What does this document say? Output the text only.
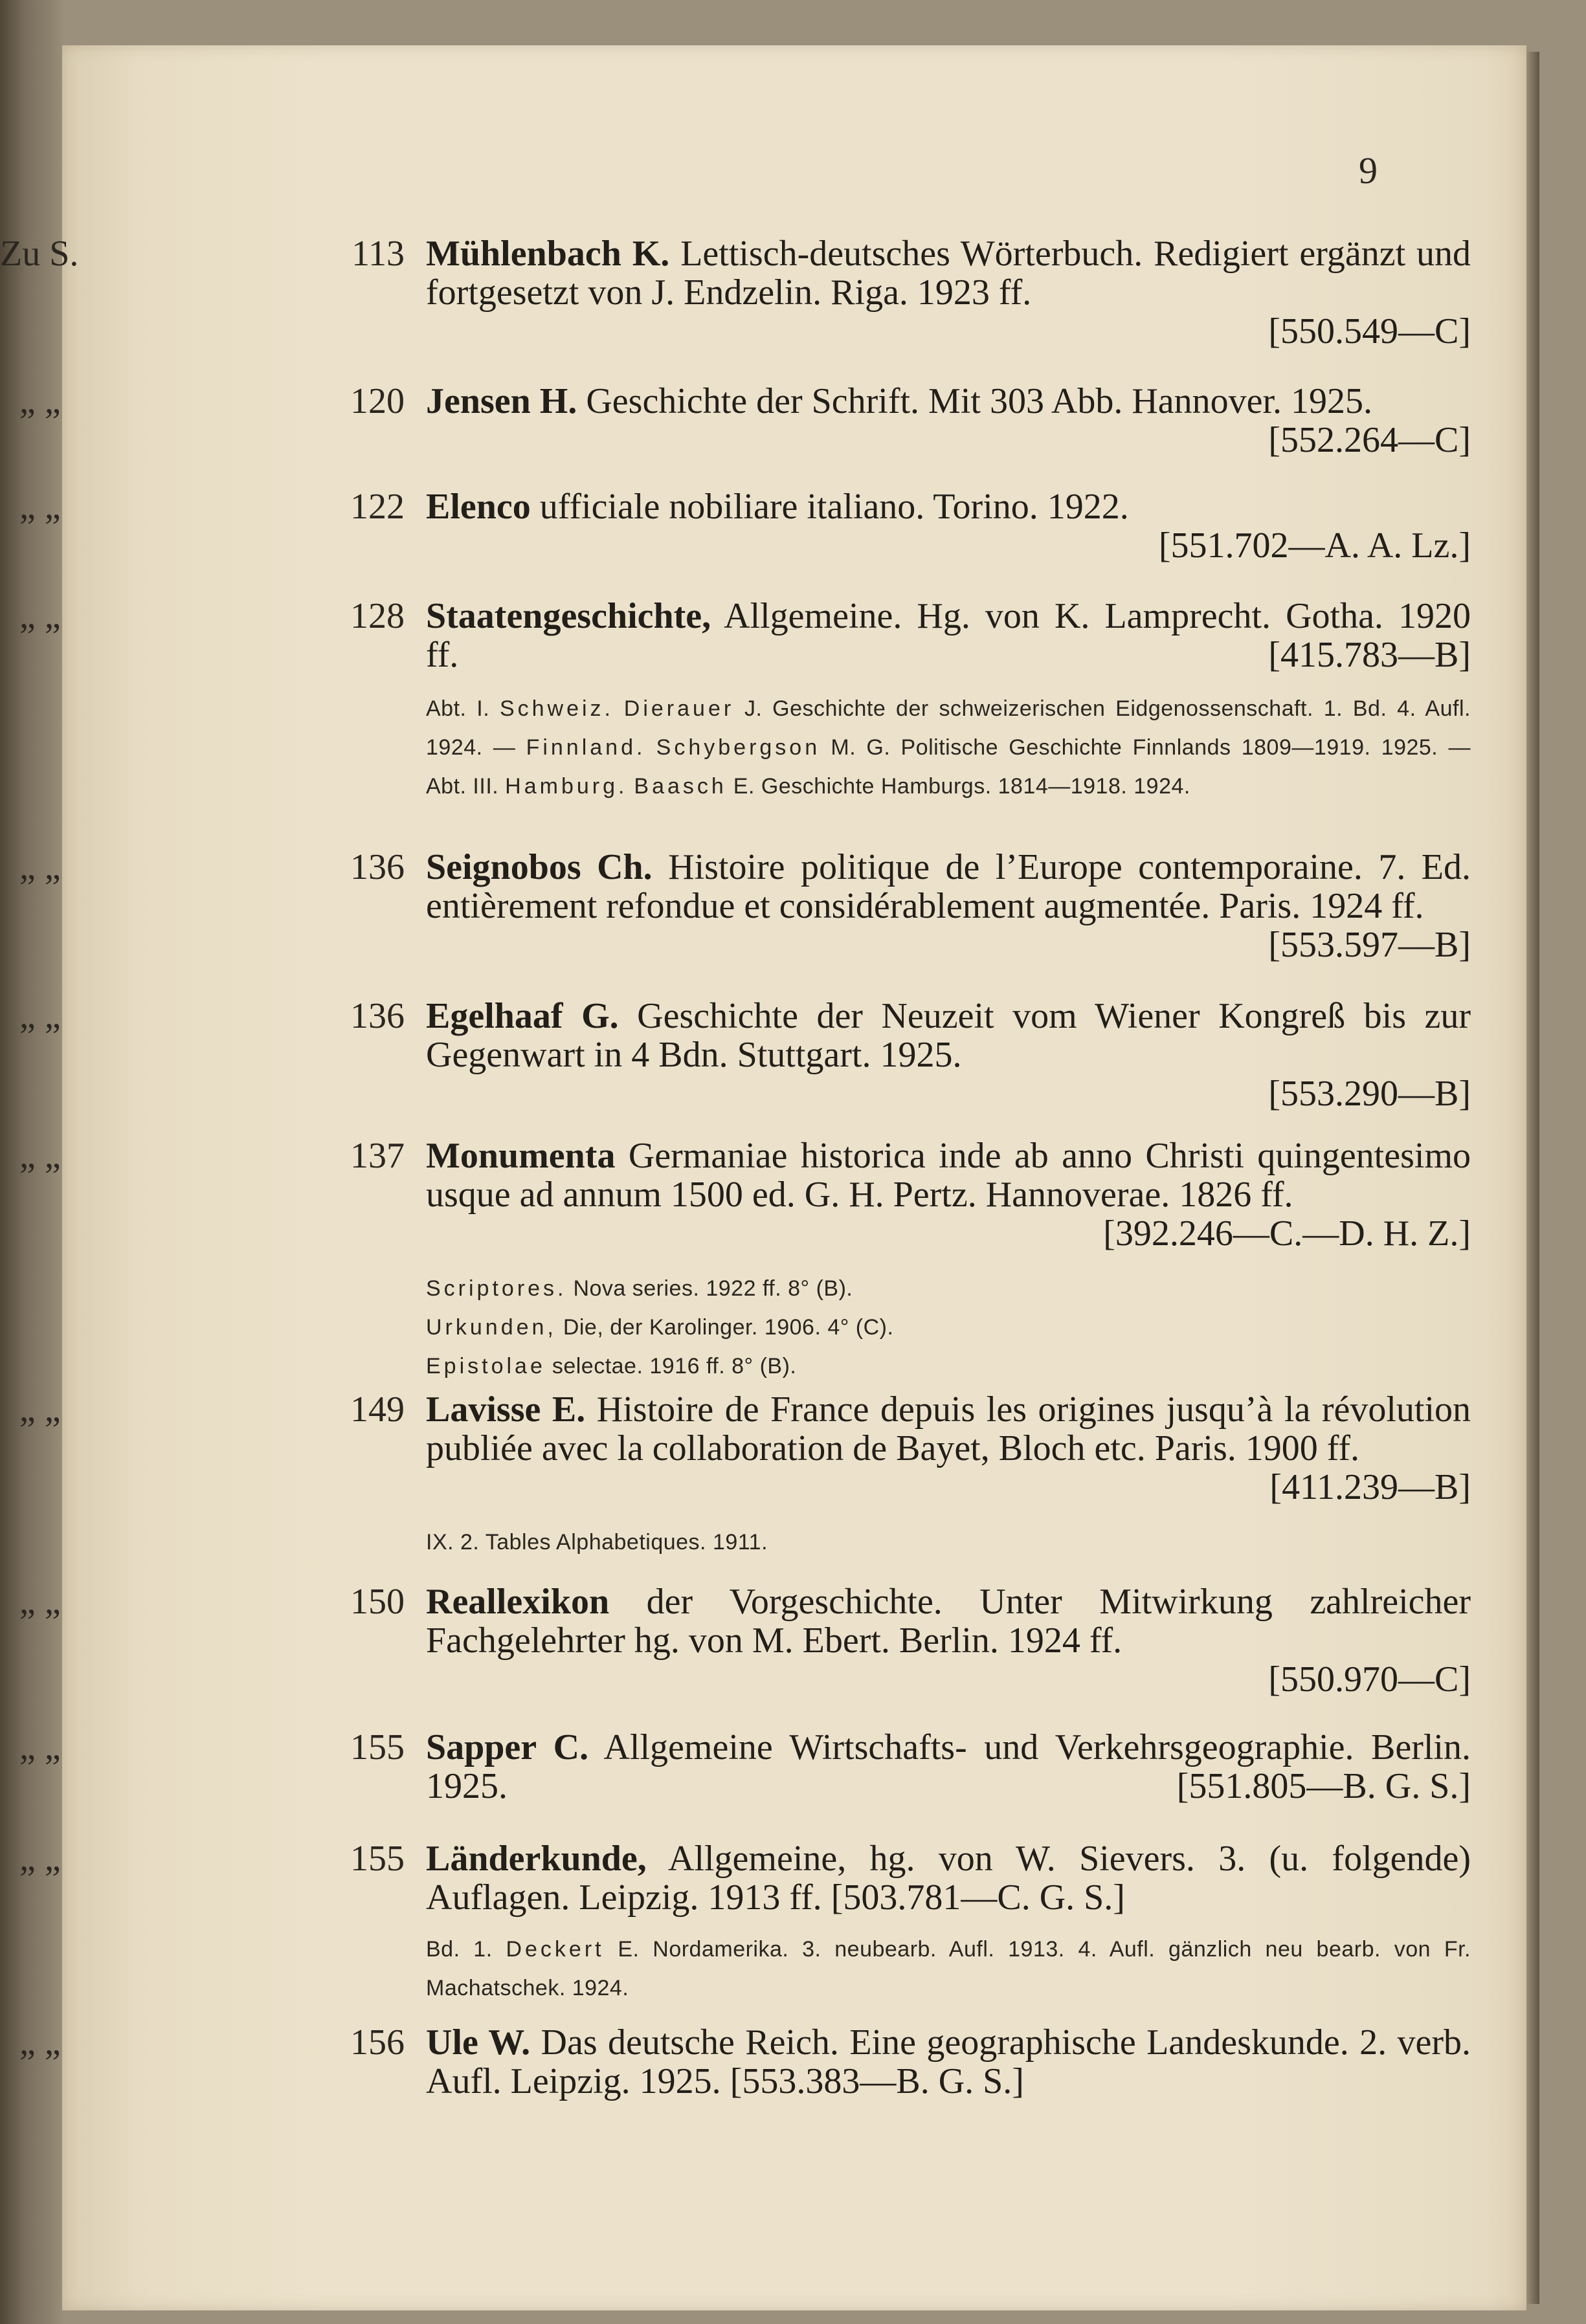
9
Zu S.	113 Mühlenbach K. Lettisch-deutsches Wörterbuch. Redigiert ergänzt und fortgesetzt von J. Endzelin. Riga. 1923 ff.
[550.549—C]
„ „	120 Jensen H. Geschichte der Schrift. Mit 303 Abb. Hannover. 1925.
[552.264—C]
„ „	122 Elenco ufficiale nobiliare italiano. Torino. 1922.
[551.702—A. A. Lz.]
„ „	128 Staatengeschichte, Allgemeine. Hg. von K. Lamprecht. Gotha. 1920 ff.	[415.783—B]
Abt. I. Schweiz. Dierauer J. Geschichte der schweizerischen Eidgenossenschaft. 1. Bd. 4. Aufl. 1924. — Finnland. Schybergson M. G. Politische Geschichte Finnlands 1809—1919. 1925. — Abt. III. Hamburg. Baasch E. Geschichte Hamburgs. 1814—1918. 1924.
„ „	136 Seignobos Ch. Histoire politique de l’Europe contemporaine. 7. Ed. entièrement refondue et considérablement augmentée. Paris. 1924 ff.
[553.597—B]
„ „	136 Egelhaaf G. Geschichte der Neuzeit vom Wiener Kongreß bis zur Gegenwart in 4 Bdn. Stuttgart. 1925.
[553.290—B]
„ „	137 Monumenta Germaniae historica inde ab anno Christi quingentesimo usque ad annum 1500 ed. G. H. Pertz. Hannoverae. 1826 ff.
[392.246—C.—D. H. Z.]
Scriptores. Nova series. 1922 ff. 8° (B).
Urkunden, Die, der Karolinger. 1906. 4° (C).
Epistolae selectae. 1916 ff. 8° (B).
„ „	149 Lavisse E. Histoire de France depuis les origines jusqu’à la révolution publiée avec la collaboration de Bayet, Bloch etc. Paris. 1900 ff.
[411.239—B]
IX. 2. Tables Alphabetiques. 1911.
„ „	150 Reallexikon der Vorgeschichte. Unter Mitwirkung zahlreicher Fachgelehrter hg. von M. Ebert. Berlin. 1924 ff.
[550.970—C]
„ „	155 Sapper C. Allgemeine Wirtschafts- und Verkehrsgeographie. Berlin. 1925.	[551.805—B. G. S.]
„ „	155 Länderkunde, Allgemeine, hg. von W. Sievers. 3. (u. folgende) Auflagen. Leipzig. 1913 ff. [503.781—C. G. S.]
Bd. 1. Deckert E. Nordamerika. 3. neubearb. Aufl. 1913. 4. Aufl. gänzlich neu bearb. von Fr. Machatschek. 1924.
„ „	156 Ule W. Das deutsche Reich. Eine geographische Landeskunde. 2. verb. Aufl. Leipzig. 1925. [553.383—B. G. S.]
